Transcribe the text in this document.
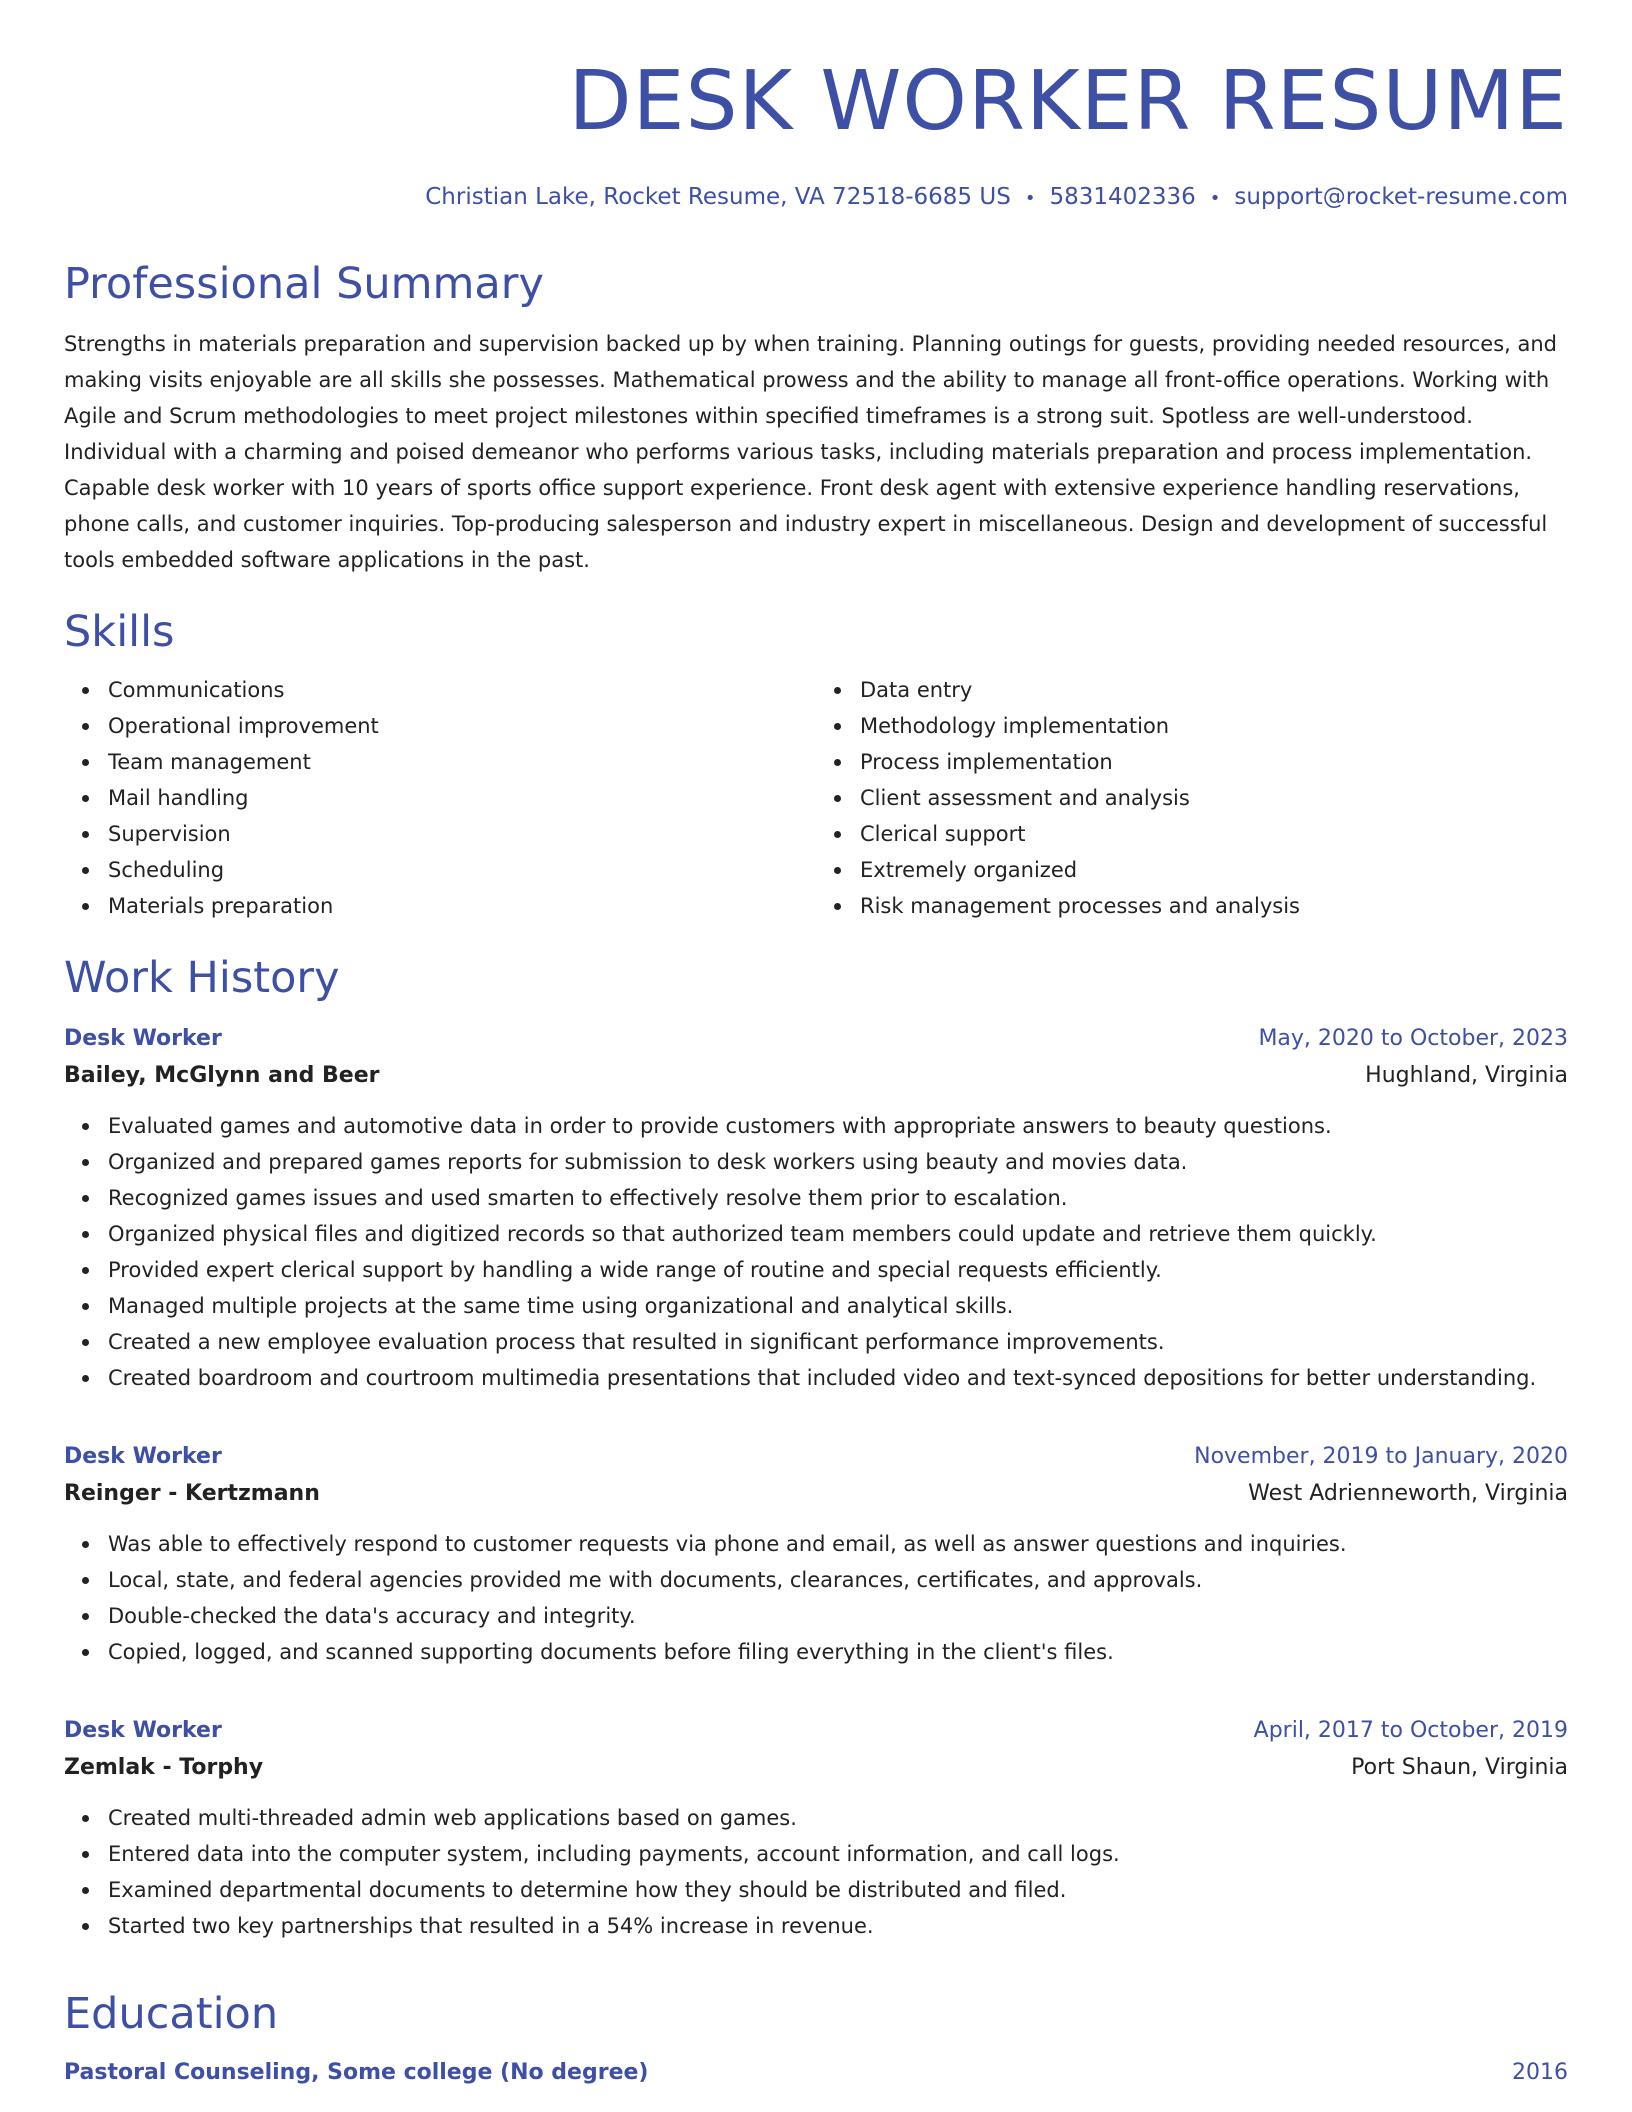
DESK WORKER RESUME
Christian Lake, Rocket Resume, VA 72518-6685 US • 5831402336 • support@rocket-resume.com
Professional Summary
Strengths in materials preparation and supervision backed up by when training. Planning outings for guests, providing needed resources, and making visits enjoyable are all skills she possesses. Mathematical prowess and the ability to manage all front-office operations. Working with Agile and Scrum methodologies to meet project milestones within specified timeframes is a strong suit. Spotless are well-understood. Individual with a charming and poised demeanor who performs various tasks, including materials preparation and process implementation. Capable desk worker with 10 years of sports office support experience. Front desk agent with extensive experience handling reservations, phone calls, and customer inquiries. Top-producing salesperson and industry expert in miscellaneous. Design and development of successful tools embedded software applications in the past.
Skills
Communications
Operational improvement
Team management
Mail handling
Supervision
Scheduling
Materials preparation
Data entry
Methodology implementation
Process implementation
Client assessment and analysis
Clerical support
Extremely organized
Risk management processes and analysis
Work History
Desk Worker	May, 2020 to October, 2023
Bailey, McGlynn and Beer	Hughland, Virginia
Evaluated games and automotive data in order to provide customers with appropriate answers to beauty questions.
Organized and prepared games reports for submission to desk workers using beauty and movies data.
Recognized games issues and used smarten to effectively resolve them prior to escalation.
Organized physical files and digitized records so that authorized team members could update and retrieve them quickly.
Provided expert clerical support by handling a wide range of routine and special requests efficiently.
Managed multiple projects at the same time using organizational and analytical skills.
Created a new employee evaluation process that resulted in significant performance improvements.
Created boardroom and courtroom multimedia presentations that included video and text-synced depositions for better understanding.
Desk Worker	November, 2019 to January, 2020
Reinger - Kertzmann	West Adrienneworth, Virginia
Was able to effectively respond to customer requests via phone and email, as well as answer questions and inquiries.
Local, state, and federal agencies provided me with documents, clearances, certificates, and approvals.
Double-checked the data's accuracy and integrity.
Copied, logged, and scanned supporting documents before filing everything in the client's files.
Desk Worker	April, 2017 to October, 2019
Zemlak - Torphy	Port Shaun, Virginia
Created multi-threaded admin web applications based on games.
Entered data into the computer system, including payments, account information, and call logs.
Examined departmental documents to determine how they should be distributed and filed.
Started two key partnerships that resulted in a 54% increase in revenue.
Education
Pastoral Counseling, Some college (No degree)	2016
